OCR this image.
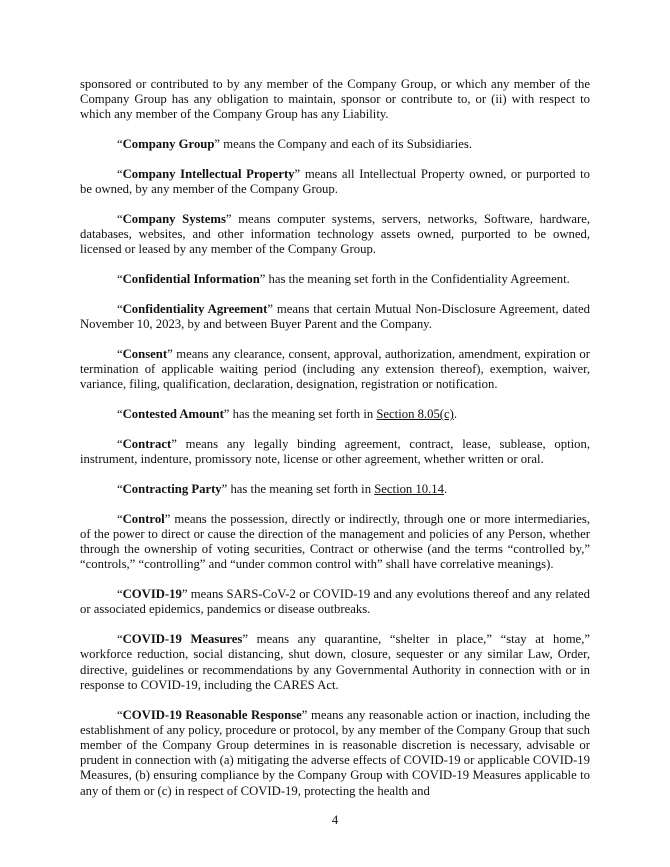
sponsored or contributed to by any member of the Company Group, or which any member of the Company Group has any obligation to maintain, sponsor or contribute to, or (ii) with respect to which any member of the Company Group has any Liability.

“Company Group” means the Company and each of its Subsidiaries.

“Company Intellectual Property” means all Intellectual Property owned, or purported to be owned, by any member of the Company Group.

“Company Systems” means computer systems, servers, networks, Software, hardware, databases, websites, and other information technology assets owned, purported to be owned, licensed or leased by any member of the Company Group.

“Confidential Information” has the meaning set forth in the Confidentiality Agreement.

“Confidentiality Agreement” means that certain Mutual Non-Disclosure Agreement, dated November 10, 2023, by and between Buyer Parent and the Company.

“Consent” means any clearance, consent, approval, authorization, amendment, expiration or termination of applicable waiting period (including any extension thereof), exemption, waiver, variance, filing, qualification, declaration, designation, registration or notification.

“Contested Amount” has the meaning set forth in Section 8.05(c).

“Contract” means any legally binding agreement, contract, lease, sublease, option, instrument, indenture, promissory note, license or other agreement, whether written or oral.

“Contracting Party” has the meaning set forth in Section 10.14.

“Control” means the possession, directly or indirectly, through one or more intermediaries, of the power to direct or cause the direction of the management and policies of any Person, whether through the ownership of voting securities, Contract or otherwise (and the terms “controlled by,” “controls,” “controlling” and “under common control with” shall have correlative meanings).

“COVID-19” means SARS-CoV-2 or COVID-19 and any evolutions thereof and any related or associated epidemics, pandemics or disease outbreaks.

“COVID-19 Measures” means any quarantine, “shelter in place,” “stay at home,” workforce reduction, social distancing, shut down, closure, sequester or any similar Law, Order, directive, guidelines or recommendations by any Governmental Authority in connection with or in response to COVID-19, including the CARES Act.

“COVID-19 Reasonable Response” means any reasonable action or inaction, including the establishment of any policy, procedure or protocol, by any member of the Company Group that such member of the Company Group determines in is reasonable discretion is necessary, advisable or prudent in connection with (a) mitigating the adverse effects of COVID-19 or applicable COVID-19 Measures, (b) ensuring compliance by the Company Group with COVID-19 Measures applicable to any of them or (c) in respect of COVID-19, protecting the health and

4
